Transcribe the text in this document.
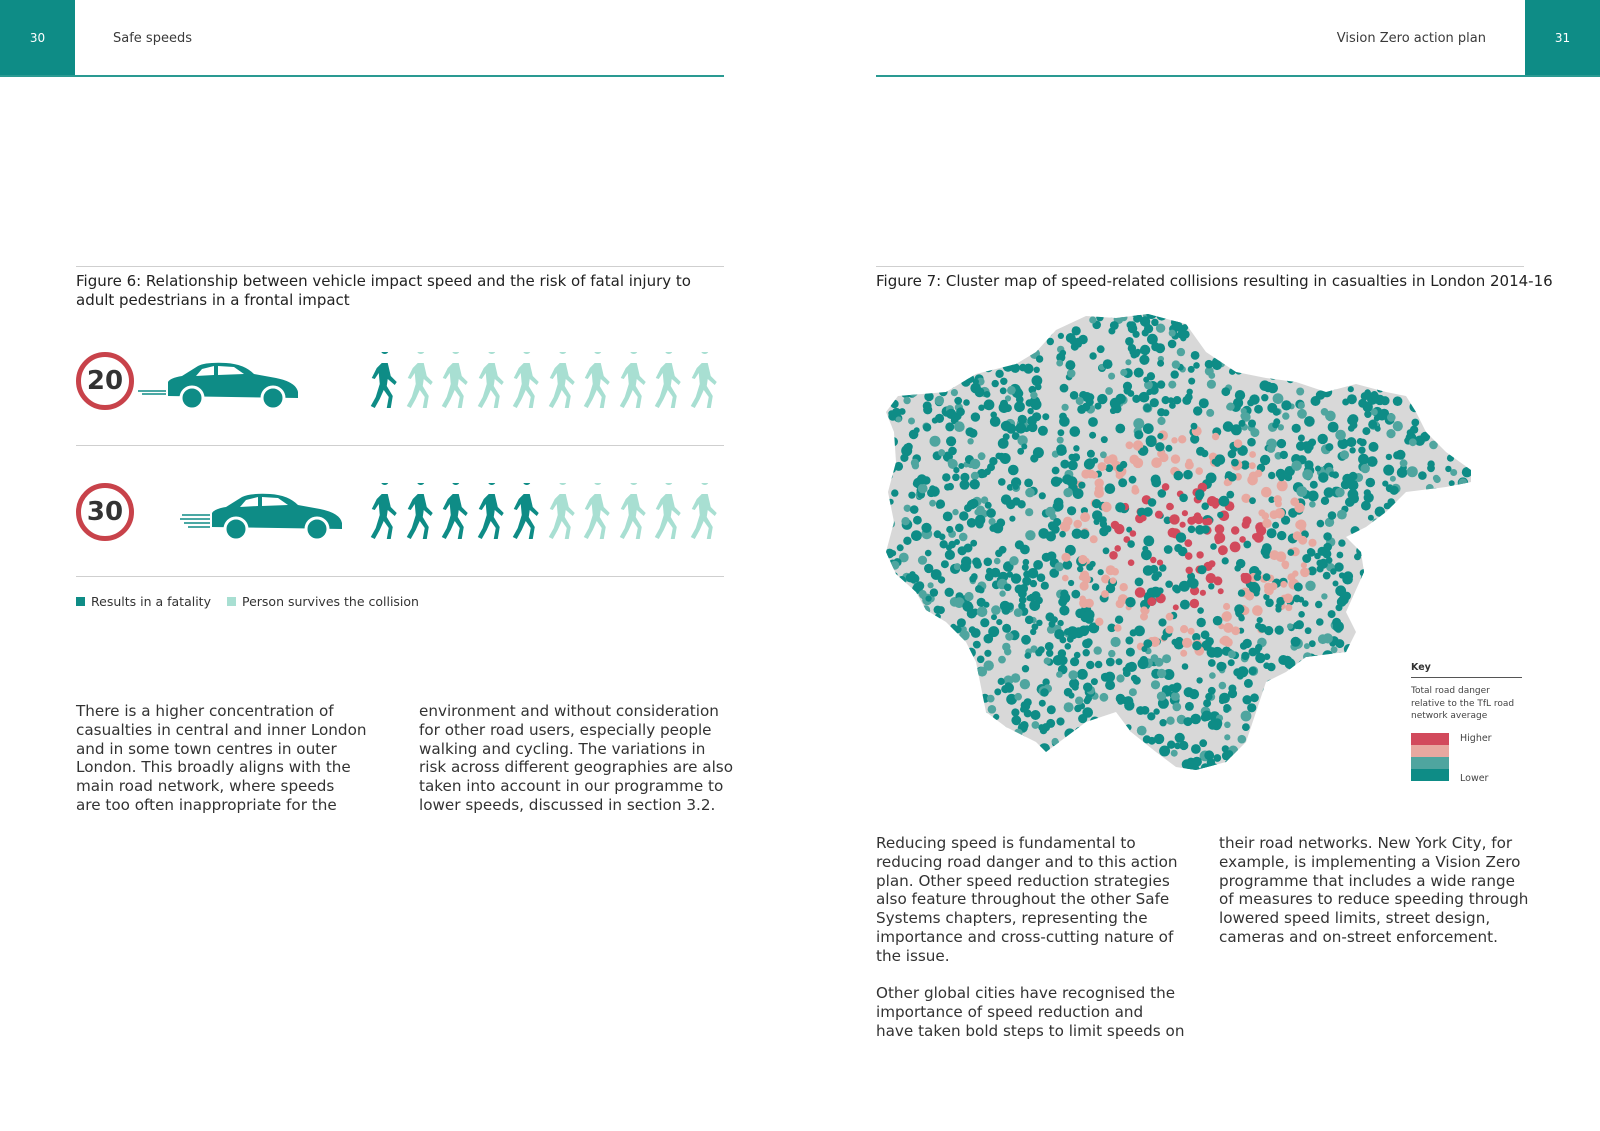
30	Safe speeds	Vision Zero action plan	31
Figure 6: Relationship between vehicle impact speed and the risk of fatal injury to adult pedestrians in a frontal impact
20
30
Results in a fatality Person survives the collision
There is a higher concentration of
casualties in central and inner London
and in some town centres in outer
London. This broadly aligns with the
main road network, where speeds
are too often inappropriate for the
environment and without consideration
for other road users, especially people
walking and cycling. The variations in
risk across different geographies are also
taken into account in our programme to
lower speeds, discussed in section 3.2.
Figure 7: Cluster map of speed-related collisions resulting in casualties in London 2014-16
Key
Total road danger relative to the TfL road network average
Higher
Lower
Reducing speed is fundamental to
reducing road danger and to this action
plan. Other speed reduction strategies
also feature throughout the other Safe
Systems chapters, representing the
importance and cross-cutting nature of
the issue.

Other global cities have recognised the
importance of speed reduction and
have taken bold steps to limit speeds on
their road networks. New York City, for
example, is implementing a Vision Zero
programme that includes a wide range
of measures to reduce speeding through
lowered speed limits, street design,
cameras and on-street enforcement.
